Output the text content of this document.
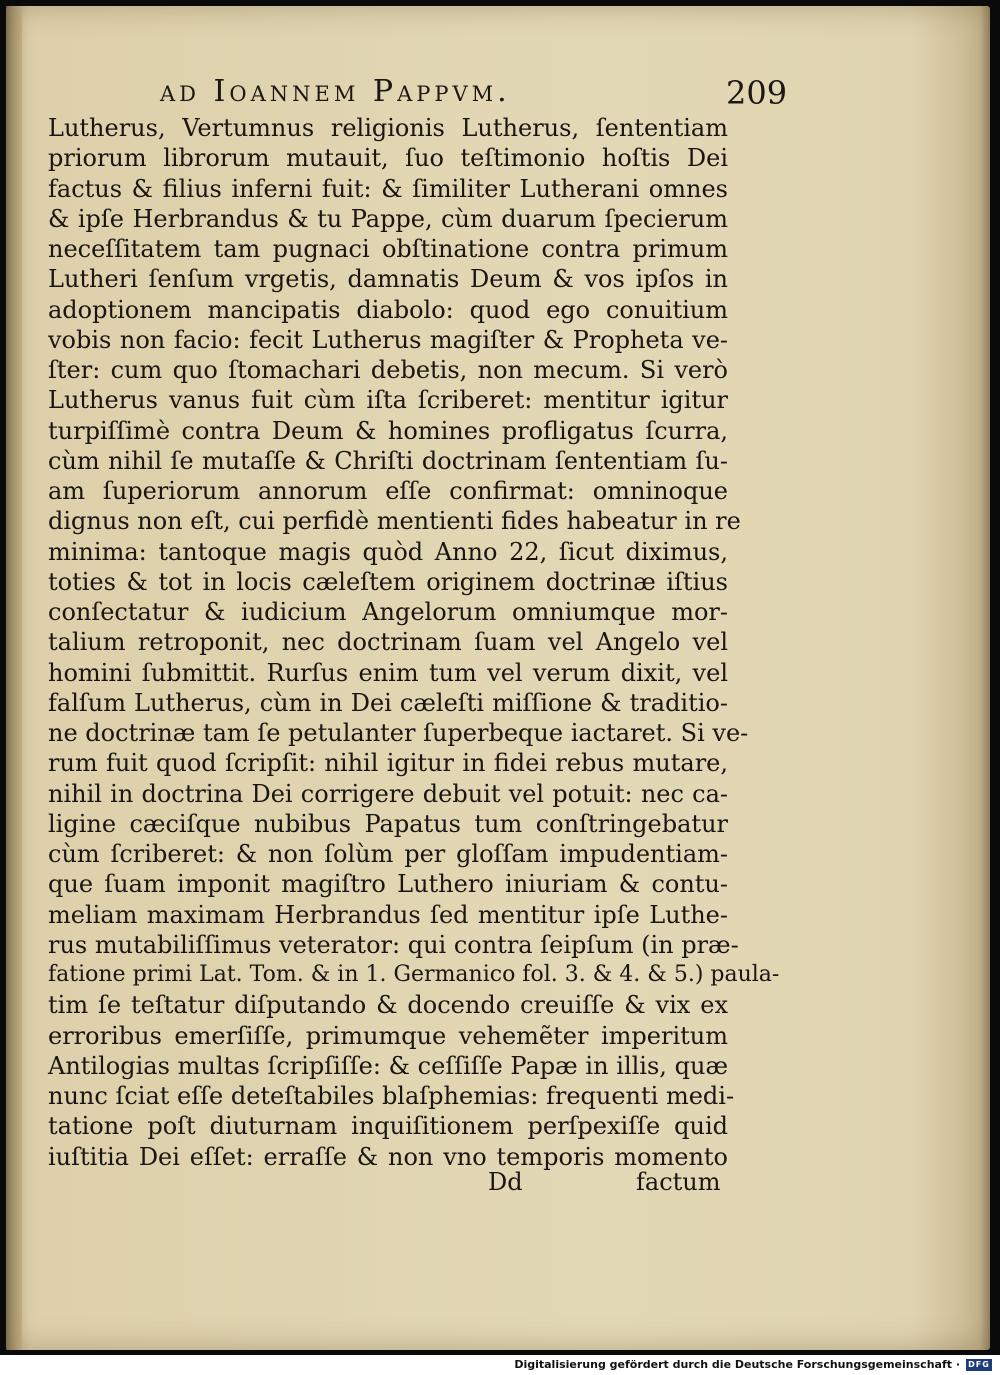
ad Ioannem Pappvm.	209
Lutherus, Vertumnus religionis Lutherus, ſententiam
priorum librorum mutauit, ſuo teſtimonio hoſtis Dei
factus & filius inferni fuit: & ſimiliter Lutherani omnes
& ipſe Herbrandus & tu Pappe, cùm duarum ſpecierum
neceſſitatem tam pugnaci obſtinatione contra primum
Lutheri ſenſum vrgetis, damnatis Deum & vos ipſos in
adoptionem mancipatis diabolo: quod ego conuitium
vobis non facio: fecit Lutherus magiſter & Propheta ve-
ſter: cum quo ſtomachari debetis, non mecum. Si verò
Lutherus vanus fuit cùm iſta ſcriberet: mentitur igitur
turpiſſimè contra Deum & homines profligatus ſcurra,
cùm nihil ſe mutaſſe & Chriſti doctrinam ſententiam ſu-
am ſuperiorum annorum eſſe confirmat: omninoque
dignus non eſt, cui perfidè mentienti fides habeatur in re
minima: tantoque magis quòd Anno 22, ſicut diximus,
toties & tot in locis cæleſtem originem doctrinæ iſtius
conſectatur & iudicium Angelorum omniumque mor-
talium retroponit, nec doctrinam ſuam vel Angelo vel
homini ſubmittit. Rurſus enim tum vel verum dixit, vel
falſum Lutherus, cùm in Dei cæleſti miſſione & traditio-
ne doctrinæ tam ſe petulanter ſuperbeque iactaret. Si ve-
rum fuit quod ſcripſit: nihil igitur in fidei rebus mutare,
nihil in doctrina Dei corrigere debuit vel potuit: nec ca-
ligine cæciſque nubibus Papatus tum conſtringebatur
cùm ſcriberet: & non ſolùm per gloſſam impudentiam-
que ſuam imponit magiſtro Luthero iniuriam & contu-
meliam maximam Herbrandus ſed mentitur ipſe Luthe-
rus mutabiliſſimus veterator: qui contra ſeipſum (in præ-
fatione primi Lat. Tom. & in 1. Germanico fol. 3. & 4. & 5.) paula-
tim ſe teſtatur diſputando & docendo creuiſſe & vix ex
erroribus emerſiſſe, primumque vehemẽter imperitum
Antilogias multas ſcripſiſſe: & ceſſiſſe Papæ in illis, quæ
nunc ſciat eſſe deteſtabiles blaſphemias: frequenti medi-
tatione poſt diuturnam inquiſitionem perſpexiſſe quid
iuſtitia Dei eſſet: erraſſe & non vno temporis momento
Dd	factum
Digitalisierung gefördert durch die Deutsche Forschungsgemeinschaft · DFG
